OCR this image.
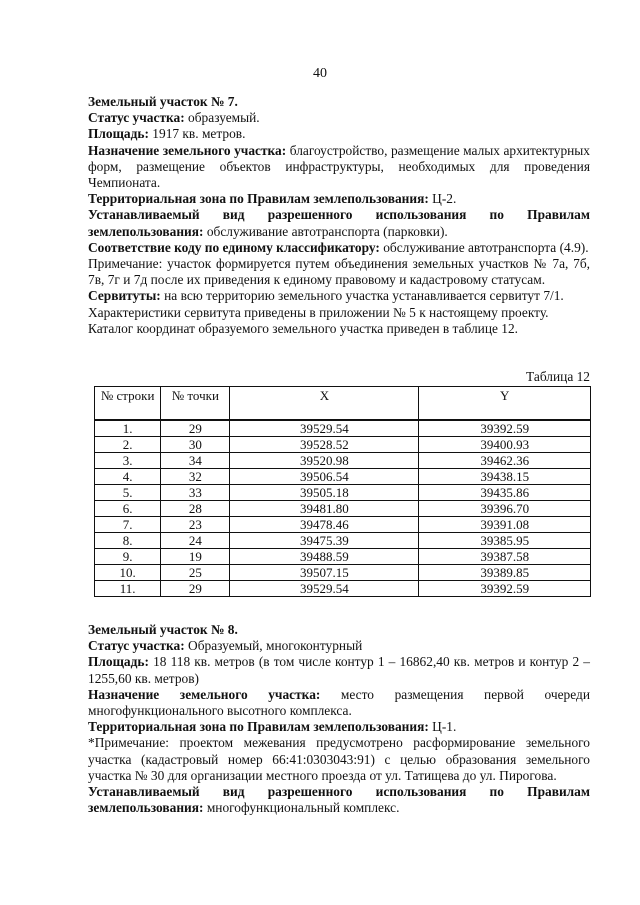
40

Земельный участок № 7.

Статус участка: образуемый.

Площадь: 1917 кв. метров.

Назначение земельного участка: благоустройство, размещение малых архитектурных форм, размещение объектов инфраструктуры, необходимых для проведения Чемпионата.

Территориальная зона по Правилам землепользования: Ц-2.

Устанавливаемый вид разрешенного использования по Правилам землепользования: обслуживание автотранспорта (парковки).

Соответствие коду по единому классификатору: обслуживание автотранспорта (4.9).

Примечание: участок формируется путем объединения земельных участков № 7а, 7б, 7в, 7г и 7д после их приведения к единому правовому и кадастровому статусам.

Сервитуты: на всю территорию земельного участка устанавливается сервитут 7/1.

Характеристики сервитута приведены в приложении № 5 к настоящему проекту.

Каталог координат образуемого земельного участка приведен в таблице 12.

Таблица 12
№ строки	№ точки	X	Y
1.	29	39529.54	39392.59
2.	30	39528.52	39400.93
3.	34	39520.98	39462.36
4.	32	39506.54	39438.15
5.	33	39505.18	39435.86
6.	28	39481.80	39396.70
7.	23	39478.46	39391.08
8.	24	39475.39	39385.95
9.	19	39488.59	39387.58
10.	25	39507.15	39389.85
11.	29	39529.54	39392.59

Земельный участок № 8.

Статус участка: Образуемый, многоконтурный

Площадь: 18 118 кв. метров (в том числе контур 1 – 16862,40 кв. метров и контур 2 – 1255,60 кв. метров)

Назначение земельного участка: место размещения первой очереди многофункционального высотного комплекса.

Территориальная зона по Правилам землепользования: Ц-1.

*Примечание: проектом межевания предусмотрено расформирование земельного участка (кадастровый номер 66:41:0303043:91) с целью образования земельного участка № 30 для организации местного проезда от ул. Татищева до ул. Пирогова.

Устанавливаемый вид разрешенного использования по Правилам землепользования: многофункциональный комплекс.
